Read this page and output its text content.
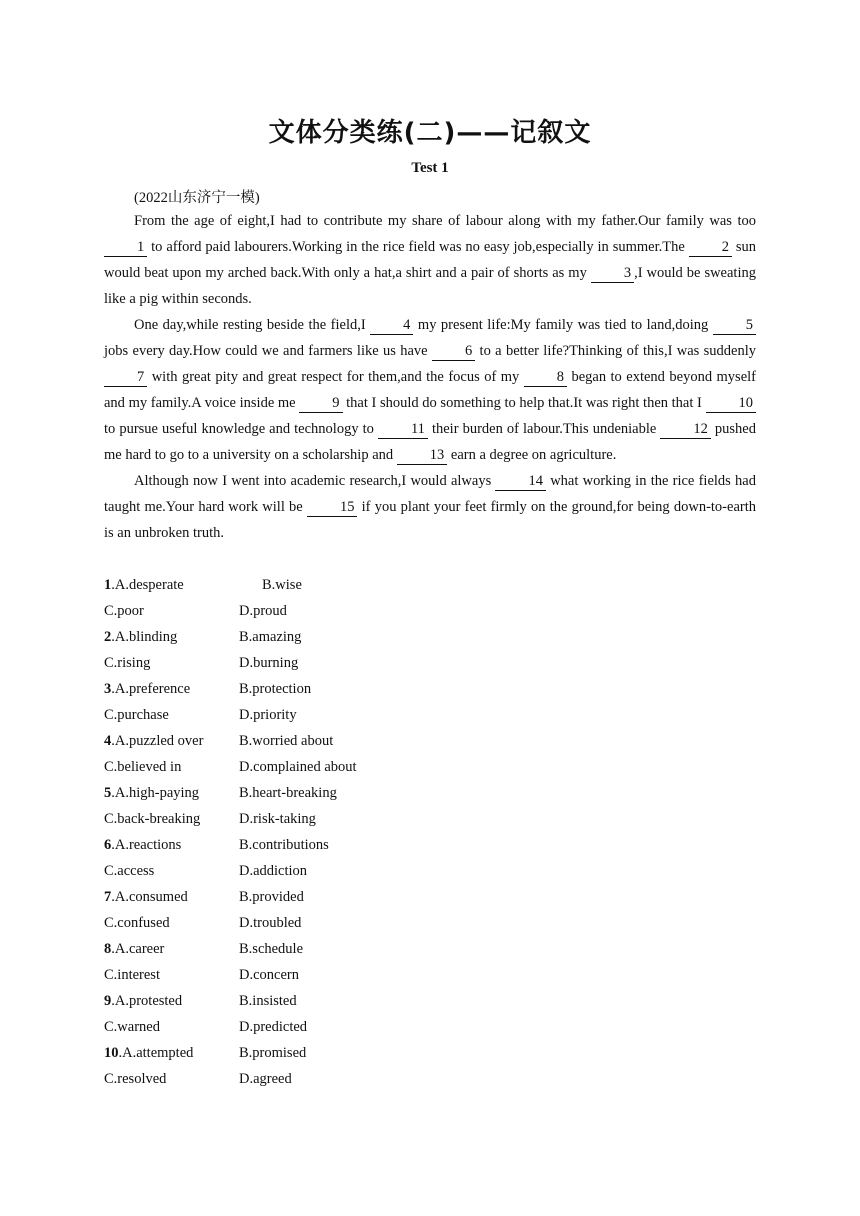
文体分类练(二)——记叙文
Test 1
(2022山东济宁一模)

From the age of eight,I had to contribute my share of labour along with my father.Our family was too 1 to afford paid labourers.Working in the rice field was no easy job,especially in summer.The 2 sun would beat upon my arched back.With only a hat,a shirt and a pair of shorts as my 3 ,I would be sweating like a pig within seconds.

One day,while resting beside the field,I 4 my present life:My family was tied to land,doing 5 jobs every day.How could we and farmers like us have 6 to a better life?Thinking of this,I was suddenly 7 with great pity and great respect for them,and the focus of my 8 began to extend beyond myself and my family.A voice inside me 9 that I should do something to help that.It was right then that I 10 to pursue useful knowledge and technology to 11 their burden of labour.This undeniable 12 pushed me hard to go to a university on a scholarship and 13 earn a degree on agriculture.

Although now I went into academic research,I would always 14 what working in the rice fields had taught me.Your hard work will be 15 if you plant your feet firmly on the ground,for being down-to-earth is an unbroken truth.

1.A.desperate	B.wise
C.poor	D.proud
2.A.blinding	B.amazing
C.rising	D.burning
3.A.preference	B.protection
C.purchase	D.priority
4.A.puzzled over B.worried about
C.believed in	D.complained about
5.A.high-paying	B.heart-breaking
C.back-breaking	D.risk-taking
6.A.reactions	B.contributions
C.access	D.addiction
7.A.consumed	B.provided
C.confused	D.troubled
8.A.career	B.schedule
C.interest	D.concern
9.A.protested	B.insisted
C.warned	D.predicted
10.A.attempted	B.promised
C.resolved	D.agreed
